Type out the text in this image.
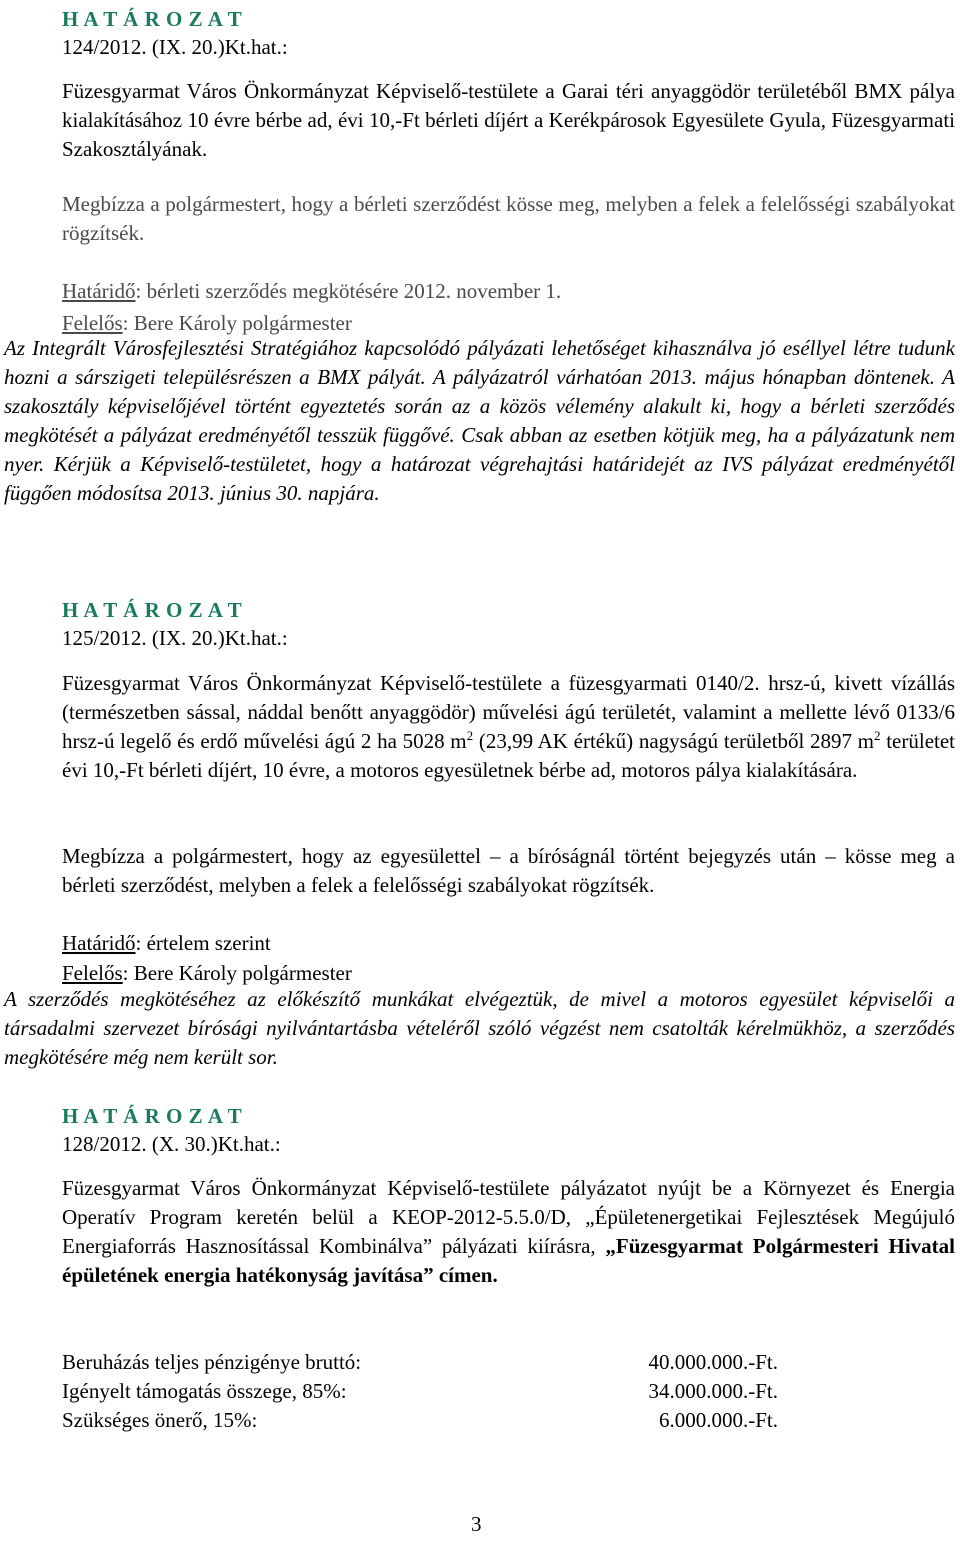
H A T Á R O Z A T
124/2012. (IX. 20.)Kt.hat.:
Füzesgyarmat Város Önkormányzat Képviselő-testülete a Garai téri anyaggödör területéből BMX pálya kialakításához 10 évre bérbe ad, évi 10,-Ft bérleti díjért a Kerékpárosok Egyesülete Gyula, Füzesgyarmati Szakosztályának.
Megbízza a polgármestert, hogy a bérleti szerződést kösse meg, melyben a felek a felelősségi szabályokat rögzítsék.
Határidő: bérleti szerződés megkötésére 2012. november 1.
Felelős: Bere Károly polgármester
Az Integrált Városfejlesztési Stratégiához kapcsolódó pályázati lehetőséget kihasználva jó eséllyel létre tudunk hozni a sárszigeti településrészen a BMX pályát. A pályázatról várhatóan 2013. május hónapban döntenek. A szakosztály képviselőjével történt egyeztetés során az a közös vélemény alakult ki, hogy a bérleti szerződés megkötését a pályázat eredményétől tesszük függővé. Csak abban az esetben kötjük meg, ha a pályázatunk nem nyer. Kérjük a Képviselő-testületet, hogy a határozat végrehajtási határidejét az IVS pályázat eredményétől függően módosítsa 2013. június 30. napjára.
H A T Á R O Z A T
125/2012. (IX. 20.)Kt.hat.:
Füzesgyarmat Város Önkormányzat Képviselő-testülete a füzesgyarmati 0140/2. hrsz-ú, kivett vízállás (természetben sással, náddal benőtt anyaggödör) művelési ágú területét, valamint a mellette lévő 0133/6 hrsz-ú legelő és erdő művelési ágú 2 ha 5028 $m^2$ (23,99 AK értékű) nagyságú területből 2897 $m^2$ területet évi 10,-Ft bérleti díjért, 10 évre, a motoros egyesületnek bérbe ad, motoros pálya kialakítására.
Megbízza a polgármestert, hogy az egyesülettel – a bíróságnál történt bejegyzés után – kösse meg a bérleti szerződést, melyben a felek a felelősségi szabályokat rögzítsék.
Határidő: értelem szerint
Felelős: Bere Károly polgármester
A szerződés megkötéséhez az előkészítő munkákat elvégeztük, de mivel a motoros egyesület képviselői a társadalmi szervezet bírósági nyilvántartásba vételéről szóló végzést nem csatolták kérelmükhöz, a szerződés megkötésére még nem került sor.
H A T Á R O Z A T
128/2012. (X. 30.)Kt.hat.:
Füzesgyarmat Város Önkormányzat Képviselő-testülete pályázatot nyújt be a Környezet és Energia Operatív Program keretén belül a KEOP-2012-5.5.0/D, „Épületenergetikai Fejlesztések Megújuló Energiaforrás Hasznosítással Kombinálva” pályázati kiírásra, „Füzesgyarmat Polgármesteri Hivatal épületének energia hatékonyság javítása” címen.
Beruházás teljes pénzigénye bruttó:	40.000.000.-Ft.
Igényelt támogatás összege, 85%:	34.000.000.-Ft.
Szükséges önerő, 15%:	6.000.000.-Ft.
3
